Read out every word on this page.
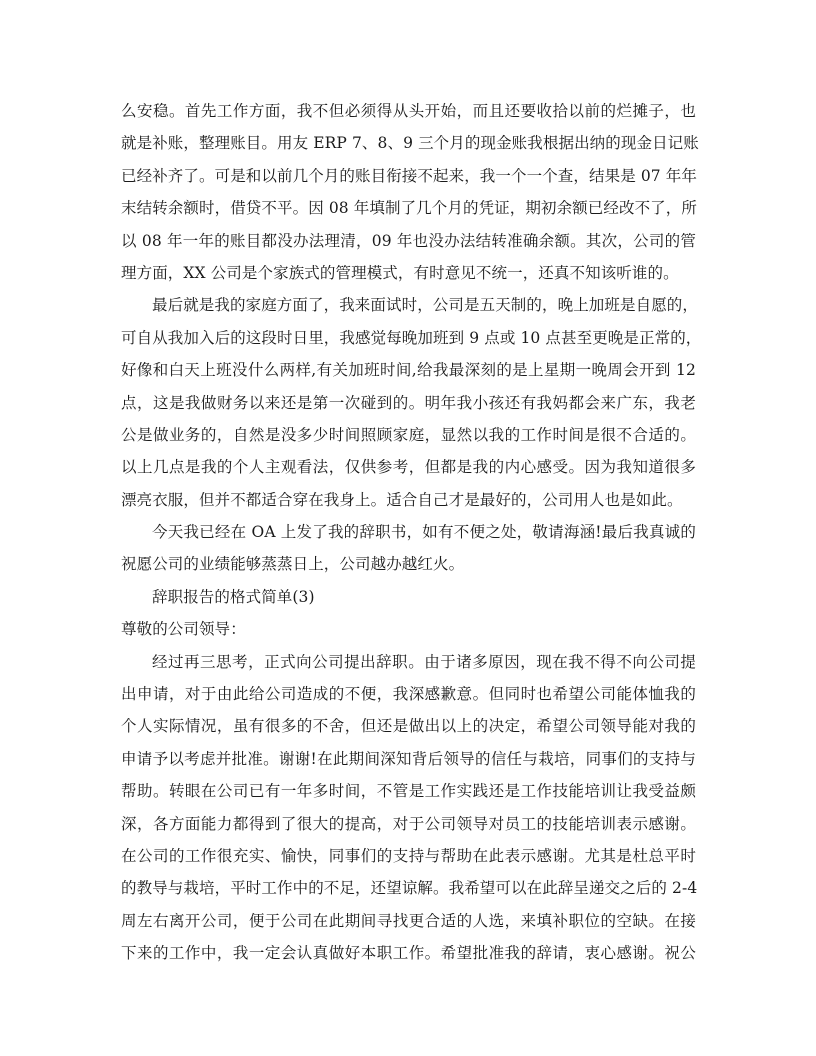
么安稳。首先工作方面，我不但必须得从头开始，而且还要收拾以前的烂摊子，也
就是补账，整理账目。用友 ERP 7、8、9 三个月的现金账我根据出纳的现金日记账
已经补齐了。可是和以前几个月的账目衔接不起来，我一个一个查，结果是 07 年年
末结转余额时，借贷不平。因 08 年填制了几个月的凭证，期初余额已经改不了，所
以 08 年一年的账目都没办法理清，09 年也没办法结转准确余额。其次，公司的管
理方面，XX 公司是个家族式的管理模式，有时意见不统一，还真不知该听谁的。
最后就是我的家庭方面了，我来面试时，公司是五天制的，晚上加班是自愿的，
可自从我加入后的这段时日里，我感觉每晚加班到 9 点或 10 点甚至更晚是正常的，
好像和白天上班没什么两样,有关加班时间,给我最深刻的是上星期一晚周会开到 12
点，这是我做财务以来还是第一次碰到的。明年我小孩还有我妈都会来广东，我老
公是做业务的，自然是没多少时间照顾家庭，显然以我的工作时间是很不合适的。
以上几点是我的个人主观看法，仅供参考，但都是我的内心感受。因为我知道很多
漂亮衣服，但并不都适合穿在我身上。适合自己才是最好的，公司用人也是如此。
今天我已经在 OA 上发了我的辞职书，如有不便之处，敬请海涵!最后我真诚的
祝愿公司的业绩能够蒸蒸日上，公司越办越红火。
辞职报告的格式简单(3)
尊敬的公司领导：
经过再三思考，正式向公司提出辞职。由于诸多原因，现在我不得不向公司提
出申请，对于由此给公司造成的不便，我深感歉意。但同时也希望公司能体恤我的
个人实际情况，虽有很多的不舍，但还是做出以上的决定，希望公司领导能对我的
申请予以考虑并批准。谢谢!在此期间深知背后领导的信任与栽培，同事们的支持与
帮助。转眼在公司已有一年多时间，不管是工作实践还是工作技能培训让我受益颇
深，各方面能力都得到了很大的提高，对于公司领导对员工的技能培训表示感谢。
在公司的工作很充实、愉快，同事们的支持与帮助在此表示感谢。尤其是杜总平时
的教导与栽培，平时工作中的不足，还望谅解。我希望可以在此辞呈递交之后的 2-4
周左右离开公司，便于公司在此期间寻找更合适的人选，来填补职位的空缺。在接
下来的工作中，我一定会认真做好本职工作。希望批准我的辞请，衷心感谢。祝公
